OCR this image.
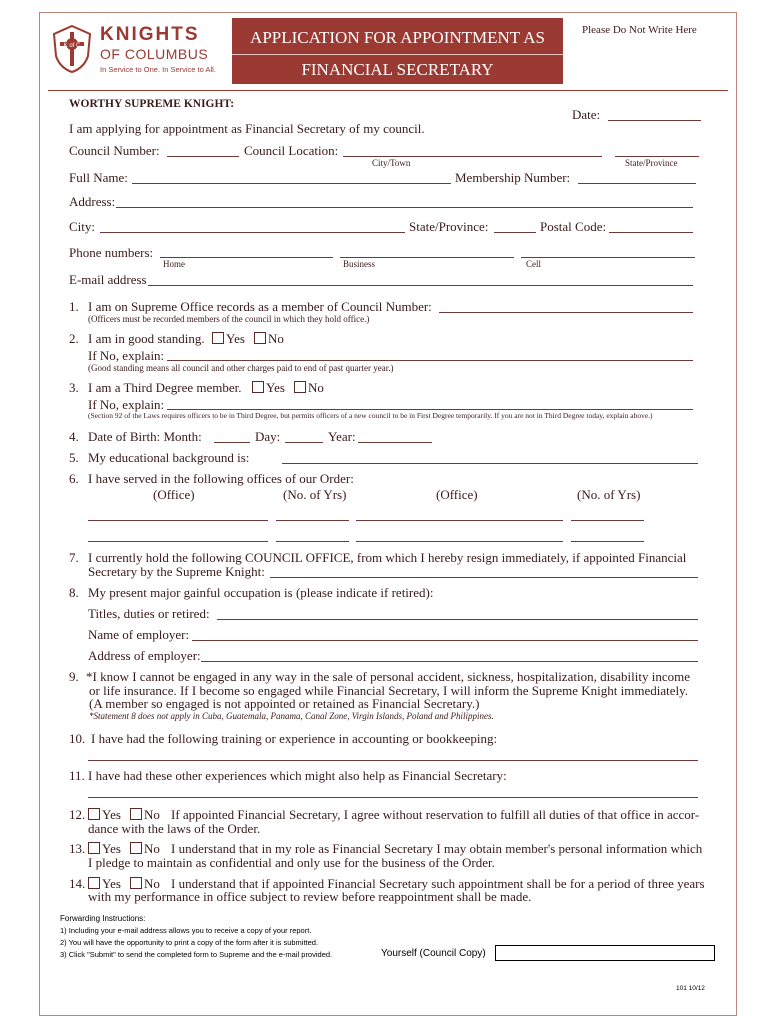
K of C
KNIGHTS
OF COLUMBUS
In Service to One. In Service to All.
APPLICATION FOR APPOINTMENT AS
FINANCIAL SECRETARY
Please Do Not Write Here
WORTHY SUPREME KNIGHT:
Date:
I am applying for appointment as Financial Secretary of my council.
Council Number:	Council Location:
City/Town	State/Province
Full Name:	Membership Number:
Address:
City:	State/Province:	Postal Code:
Phone numbers:
Home	Business	Cell
E-mail address
1. I am on Supreme Office records as a member of Council Number:
(Officers must be recorded members of the council in which they hold office.)
2. I am in good standing.	Yes	No
If No, explain:
(Good standing means all council and other charges paid to end of past quarter year.)
3. I am a Third Degree member.	Yes	No
If No, explain:
(Section 92 of the Laws requires officers to be in Third Degree, but permits officers of a new council to be in First Degree temporarily. If you are not in Third Degree today, explain above.)
4. Date of Birth: Month:	Day:	Year:
5. My educational background is:
6. I have served in the following offices of our Order:
(Office)	(No. of Yrs)	(Office)	(No. of Yrs)
7. I currently hold the following COUNCIL OFFICE, from which I hereby resign immediately, if appointed Financial
Secretary by the Supreme Knight:
8. My present major gainful occupation is (please indicate if retired):
Titles, duties or retired:
Name of employer:
Address of employer:
9. *I know I cannot be engaged in any way in the sale of personal accident, sickness, hospitalization, disability income
or life insurance. If I become so engaged while Financial Secretary, I will inform the Supreme Knight immediately.
(A member so engaged is not appointed or retained as Financial Secretary.)
*Statement 8 does not apply in Cuba, Guatemala, Panama, Canal Zone, Virgin Islands, Poland and Philippines.
10. I have had the following training or experience in accounting or bookkeeping:
11. I have had these other experiences which might also help as Financial Secretary:
12.	Yes	No If appointed Financial Secretary, I agree without reservation to fulfill all duties of that office in accor-
dance with the laws of the Order.
13.	Yes	No I understand that in my role as Financial Secretary I may obtain member's personal information which
I pledge to maintain as confidential and only use for the business of the Order.
14.	Yes	No I understand that if appointed Financial Secretary such appointment shall be for a period of three years
with my performance in office subject to review before reappointment shall be made.
Forwarding Instructions:
1) Including your e-mail address allows you to receive a copy of your report.
2) You will have the opportunity to print a copy of the form after it is submitted.
3) Click "Submit" to send the completed form to Supreme and the e-mail provided.	Yourself (Council Copy)
101 10/12
